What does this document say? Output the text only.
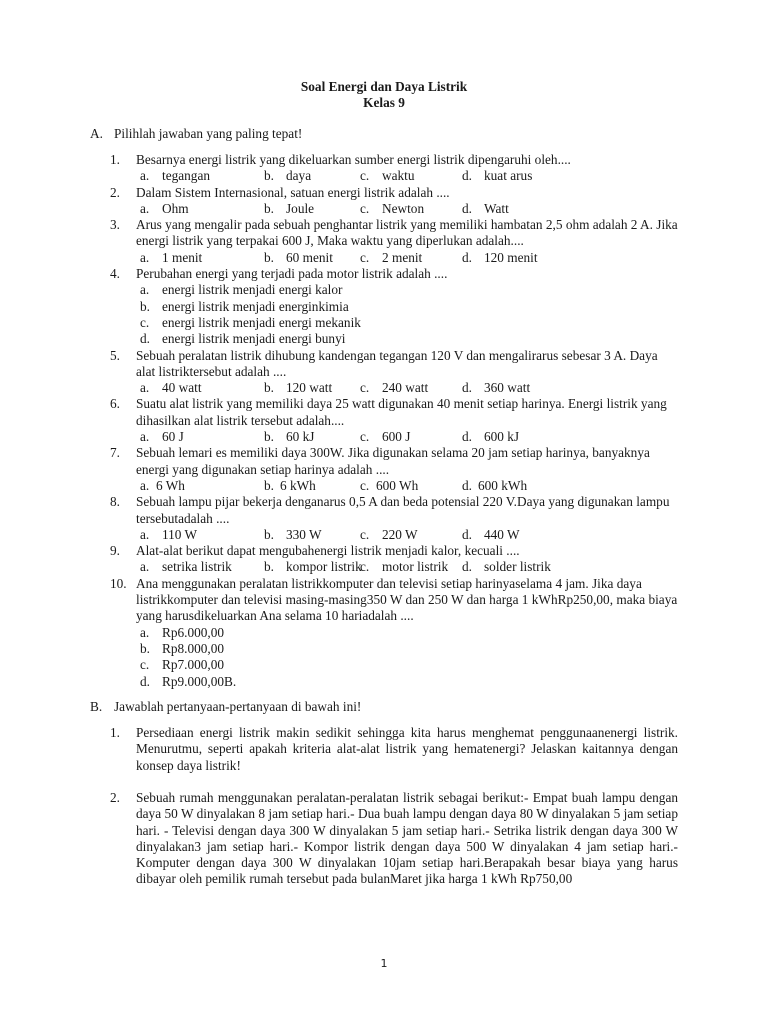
Soal Energi dan Daya Listrik
Kelas 9
A. Pilihlah jawaban yang paling tepat!
1.	Besarnya energi listrik yang dikeluarkan sumber energi listrik dipengaruhi oleh....
a. tegangan	b. daya	c. waktu	d. kuat arus
2.	Dalam Sistem Internasional, satuan energi listrik adalah ....
a. Ohm	b. Joule	c. Newton	d. Watt
3.	Arus yang mengalir pada sebuah penghantar listrik yang memiliki hambatan 2,5 ohm adalah 2 A. Jika energi listrik yang terpakai 600 J, Maka waktu yang diperlukan adalah....
a. 1 menit	b. 60 menit c. 2 menit	d. 120 menit
4.	Perubahan energi yang terjadi pada motor listrik adalah ....
a. energi listrik menjadi energi kalor
b. energi listrik menjadi energinkimia
c. energi listrik menjadi energi mekanik
d. energi listrik menjadi energi bunyi
5.	Sebuah peralatan listrik dihubung kandengan tegangan 120 V dan mengalirarus sebesar 3 A. Daya alat listriktersebut adalah ....
a. 40 watt	b. 120 watt c. 240 watt	d. 360 watt
6.	Suatu alat listrik yang memiliki daya 25 watt digunakan 40 menit setiap harinya. Energi listrik yang dihasilkan alat listrik tersebut adalah....
a. 60 J	b. 60 kJ	c. 600 J	d. 600 kJ
7.	Sebuah lemari es memiliki daya 300W. Jika digunakan selama 20 jam setiap harinya, banyaknya energi yang digunakan setiap harinya adalah ....
a. 6 Wh	b. 6 kWh	c. 600 Wh	d. 600 kWh
8.	Sebuah lampu pijar bekerja denganarus 0,5 A dan beda potensial 220 V.Daya yang digunakan lampu tersebutadalah ....
a. 110 W	b. 330 W	c. 220 W	d. 440 W
9.	Alat-alat berikut dapat mengubahenergi listrik menjadi kalor, kecuali ....
a. setrika listrik b. kompor listrik
c. motor listrik d. solder listrik
10. Ana menggunakan peralatan listrikkomputer dan televisi setiap harinyaselama 4 jam. Jika daya listrikkomputer dan televisi masing-masing350 W dan 250 W dan harga 1 kWhRp250,00, maka biaya yang harusdikeluarkan Ana selama 10 hariadalah ....
a. Rp6.000,00
b. Rp8.000,00
c. Rp7.000,00
d. Rp9.000,00B.
B. Jawablah pertanyaan-pertanyaan di bawah ini!
1.	Persediaan energi listrik makin sedikit sehingga kita harus menghemat penggunaanenergi listrik. Menurutmu, seperti apakah kriteria alat-alat listrik yang hematenergi? Jelaskan kaitannya dengan konsep daya listrik!
2.	Sebuah rumah menggunakan peralatan-peralatan listrik sebagai berikut:- Empat buah lampu dengan daya 50 W dinyalakan 8 jam setiap hari.- Dua buah lampu dengan daya 80 W dinyalakan 5 jam setiap hari. - Televisi dengan daya 300 W dinyalakan 5 jam setiap hari.- Setrika listrik dengan daya 300 W dinyalakan3 jam setiap hari.- Kompor listrik dengan daya 500 W dinyalakan 4 jam setiap hari.- Komputer dengan daya 300 W dinyalakan 10jam setiap hari.Berapakah besar biaya yang harus dibayar oleh pemilik rumah tersebut pada bulanMaret jika harga 1 kWh Rp750,00
1
